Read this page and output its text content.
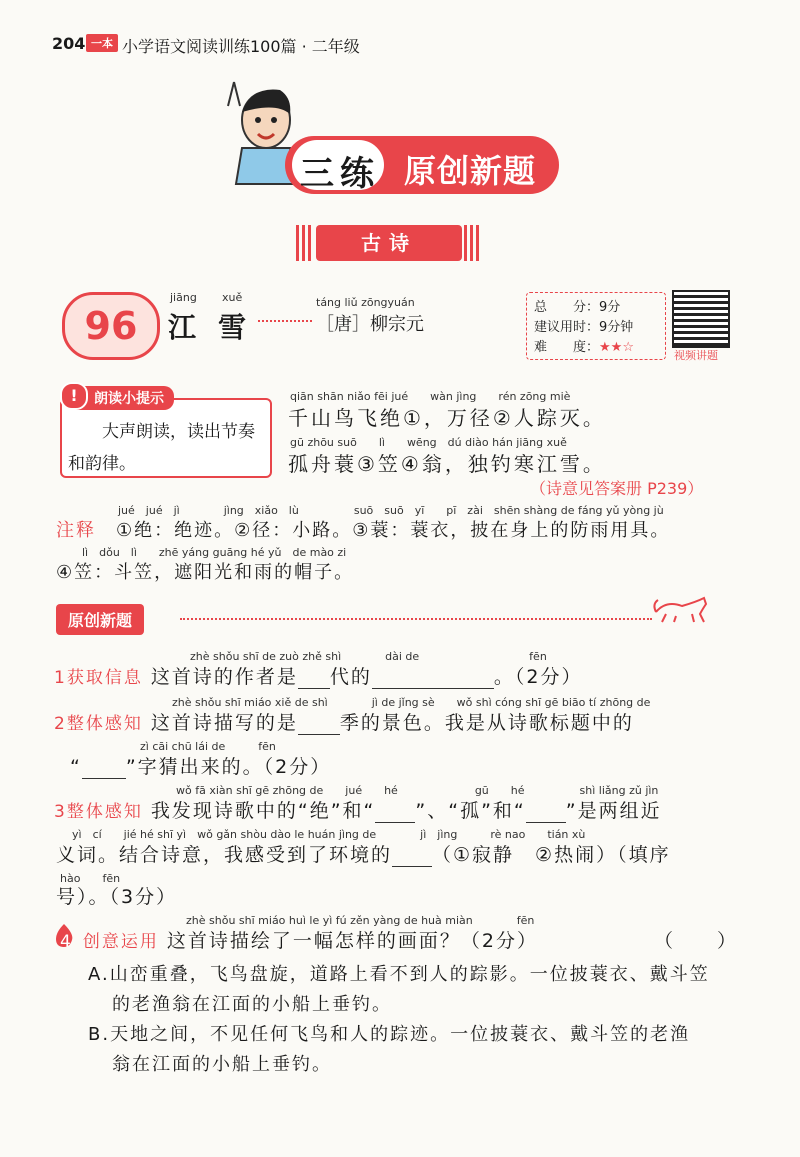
204 一本 小学语文阅读训练100篇 · 二年级
三练 原创新题
古诗
96
jiāng xuě
江雪
táng liǔ zōngyuán
［唐］柳宗元
总　　分：9分
建议用时：9分钟
难　　度：★★☆
视频讲题
朗读小提示
!
大声朗读，读出节奏和韵律。
qiān shān niǎo fēi jué　　wàn jìng　　rén zōng miè
千山鸟飞绝①，万径②人踪灭。
gū zhōu suō　　lì　　wēng　dú diào hán jiāng xuě
孤舟蓑③笠④翁，独钓寒江雪。
（诗意见答案册 P239）
jué　jué　jì　　　　jìng　xiǎo　lù　　　　　suō　suō　yī　　pī　zài　shēn shàng de fáng yǔ yòng jù
注释 ①绝：绝迹。②径：小路。③蓑：蓑衣，披在身上的防雨用具。
lì　dǒu　lì　　zhē yáng guāng hé yǔ　de mào zi
④笠：斗笠，遮阳光和雨的帽子。
原创新题
zhè shǒu shī de zuò zhě shì　　　　dài de　　　　　　　　　　fēn
1获取信息 这首诗的作者是 代的	。（2分）
zhè shǒu shī miáo xiě de shì　　　　jì de jǐng sè　　wǒ shì cóng shī gē biāo tí zhōng de
2整体感知 这首诗描写的是 季的景色。我是从诗歌标题中的
zì cāi chū lái de　　　fēn
“ ”字猜出来的。（2分）
wǒ fā xiàn shī gē zhōng de　　jué　　hé　　　　　　　gū　　hé　　　　　shì liǎng zǔ jìn
3整体感知 我发现诗歌中的“绝”和“ ”、“孤”和“ ”是两组近
yì　cí　　jié hé shī yì　wǒ gǎn shòu dào le huán jìng de　　　　jì　jìng　　　rè nao　　tián xù
义词。结合诗意，我感受到了环境的 （①寂静　②热闹）（填序
hào　　fēn
号）。（3分）
zhè shǒu shī miáo huì le yì fú zěn yàng de huà miàn　　　　fēn
4 创意运用 这首诗描绘了一幅怎样的画面？（2分）	（　　）
A.山峦重叠，飞鸟盘旋，道路上看不到人的踪影。一位披蓑衣、戴斗笠
的老渔翁在江面的小船上垂钓。
B.天地之间，不见任何飞鸟和人的踪迹。一位披蓑衣、戴斗笠的老渔
翁在江面的小船上垂钓。
